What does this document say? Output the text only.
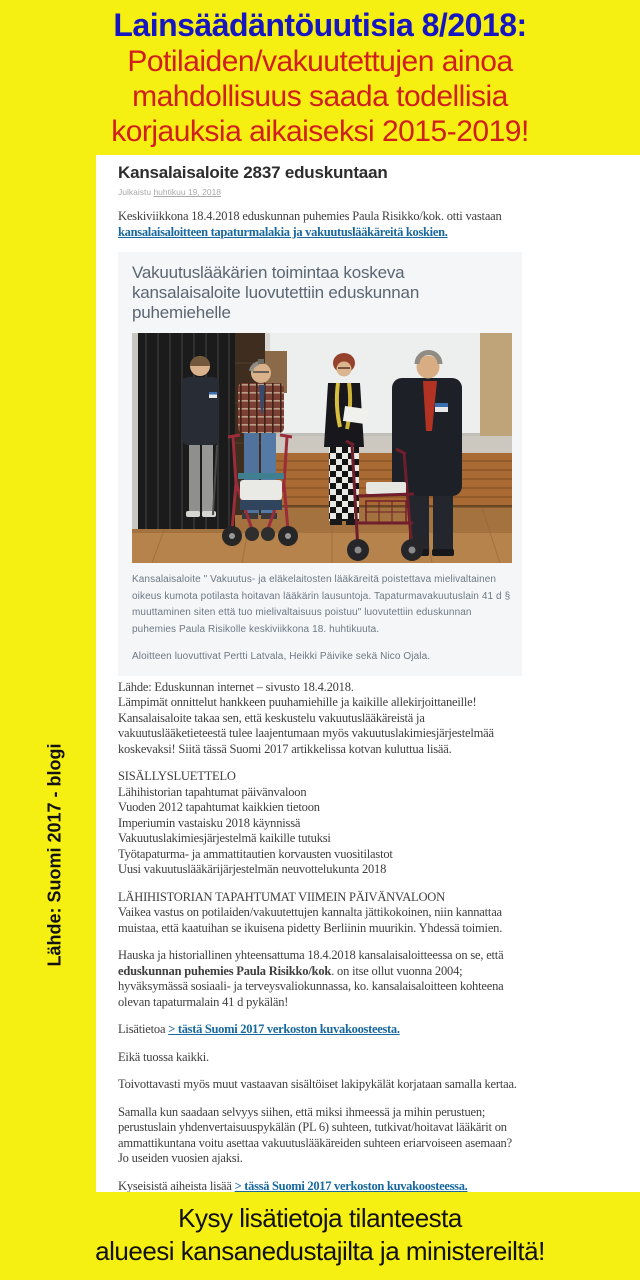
Lainsäädäntöuutisia 8/2018:
Potilaiden/vakuutettujen ainoa
mahdollisuus saada todellisia
korjauksia aikaiseksi 2015-2019!
Lähde: Suomi 2017 - blogi
Kansalaisaloite 2837 eduskuntaan
Julkaistu huhtikuu 19, 2018

Keskiviikkona 18.4.2018 eduskunnan puhemies Paula Risikko/kok. otti vastaan kansalaisaloitteen tapaturmalakia ja vakuutuslääkäreitä koskien.

Vakuutuslääkärien toimintaa koskeva kansalaisaloite luovutettiin eduskunnan puhemiehelle

Kansalaisaloite " Vakuutus- ja eläkelaitosten lääkäreitä poistettava mielivaltainen oikeus kumota potilasta hoitavan lääkärin lausuntoja. Tapaturmavakuutuslain 41 d § muuttaminen siten että tuo mielivaltaisuus poistuu" luovutettiin eduskunnan puhemies Paula Risikolle keskiviikkona 18. huhtikuuta.

Aloitteen luovuttivat Pertti Latvala, Heikki Päivike sekä Nico Ojala.

Lähde: Eduskunnan internet – sivusto 18.4.2018.
Lämpimät onnittelut hankkeen puuhamiehille ja kaikille allekirjoittaneille!
Kansalaisaloite takaa sen, että keskustelu vakuutuslääkäreistä ja vakuutuslääketieteestä tulee laajentumaan myös vakuutuslakimiesjärjestelmää koskevaksi! Siitä tässä Suomi 2017 artikkelissa kotvan kuluttua lisää.

SISÄLLYSLUETTELO
Lähihistorian tapahtumat päivänvaloon
Vuoden 2012 tapahtumat kaikkien tietoon
Imperiumin vastaisku 2018 käynnissä
Vakuutuslakimiesjärjestelmä kaikille tutuksi
Työtapaturma- ja ammattitautien korvausten vuositilastot
Uusi vakuutuslääkärijärjestelmän neuvottelukunta 2018

LÄHIHISTORIAN TAPAHTUMAT VIIMEIN PÄIVÄNVALOON
Vaikea vastus on potilaiden/vakuutettujen kannalta jättikokoinen, niin kannattaa muistaa, että kaatuihan se ikuisena pidetty Berliinin muurikin. Yhdessä toimien.

Hauska ja historiallinen yhteensattuma 18.4.2018 kansalaisaloitteessa on se, että eduskunnan puhemies Paula Risikko/kok. on itse ollut vuonna 2004; hyväksymässä sosiaali- ja terveysvaliokunnassa, ko. kansalaisaloitteen kohteena olevan tapaturmalain 41 d pykälän!

Lisätietoa > tästä Suomi 2017 verkoston kuvakoosteesta.

Eikä tuossa kaikki.

Toivottavasti myös muut vastaavan sisältöiset lakipykälät korjataan samalla kertaa.

Samalla kun saadaan selvyys siihen, että miksi ihmeessä ja mihin perustuen; perustuslain yhdenvertaisuuspykälän (PL 6) suhteen, tutkivat/hoitavat lääkärit on ammattikuntana voitu asettaa vakuutuslääkäreiden suhteen eriarvoiseen asemaan? Jo useiden vuosien ajaksi.

Kyseisistä aiheista lisää > tässä Suomi 2017 verkoston kuvakoosteessa.

Kysy lisätietoja tilanteesta
alueesi kansanedustajilta ja ministereiltä!
